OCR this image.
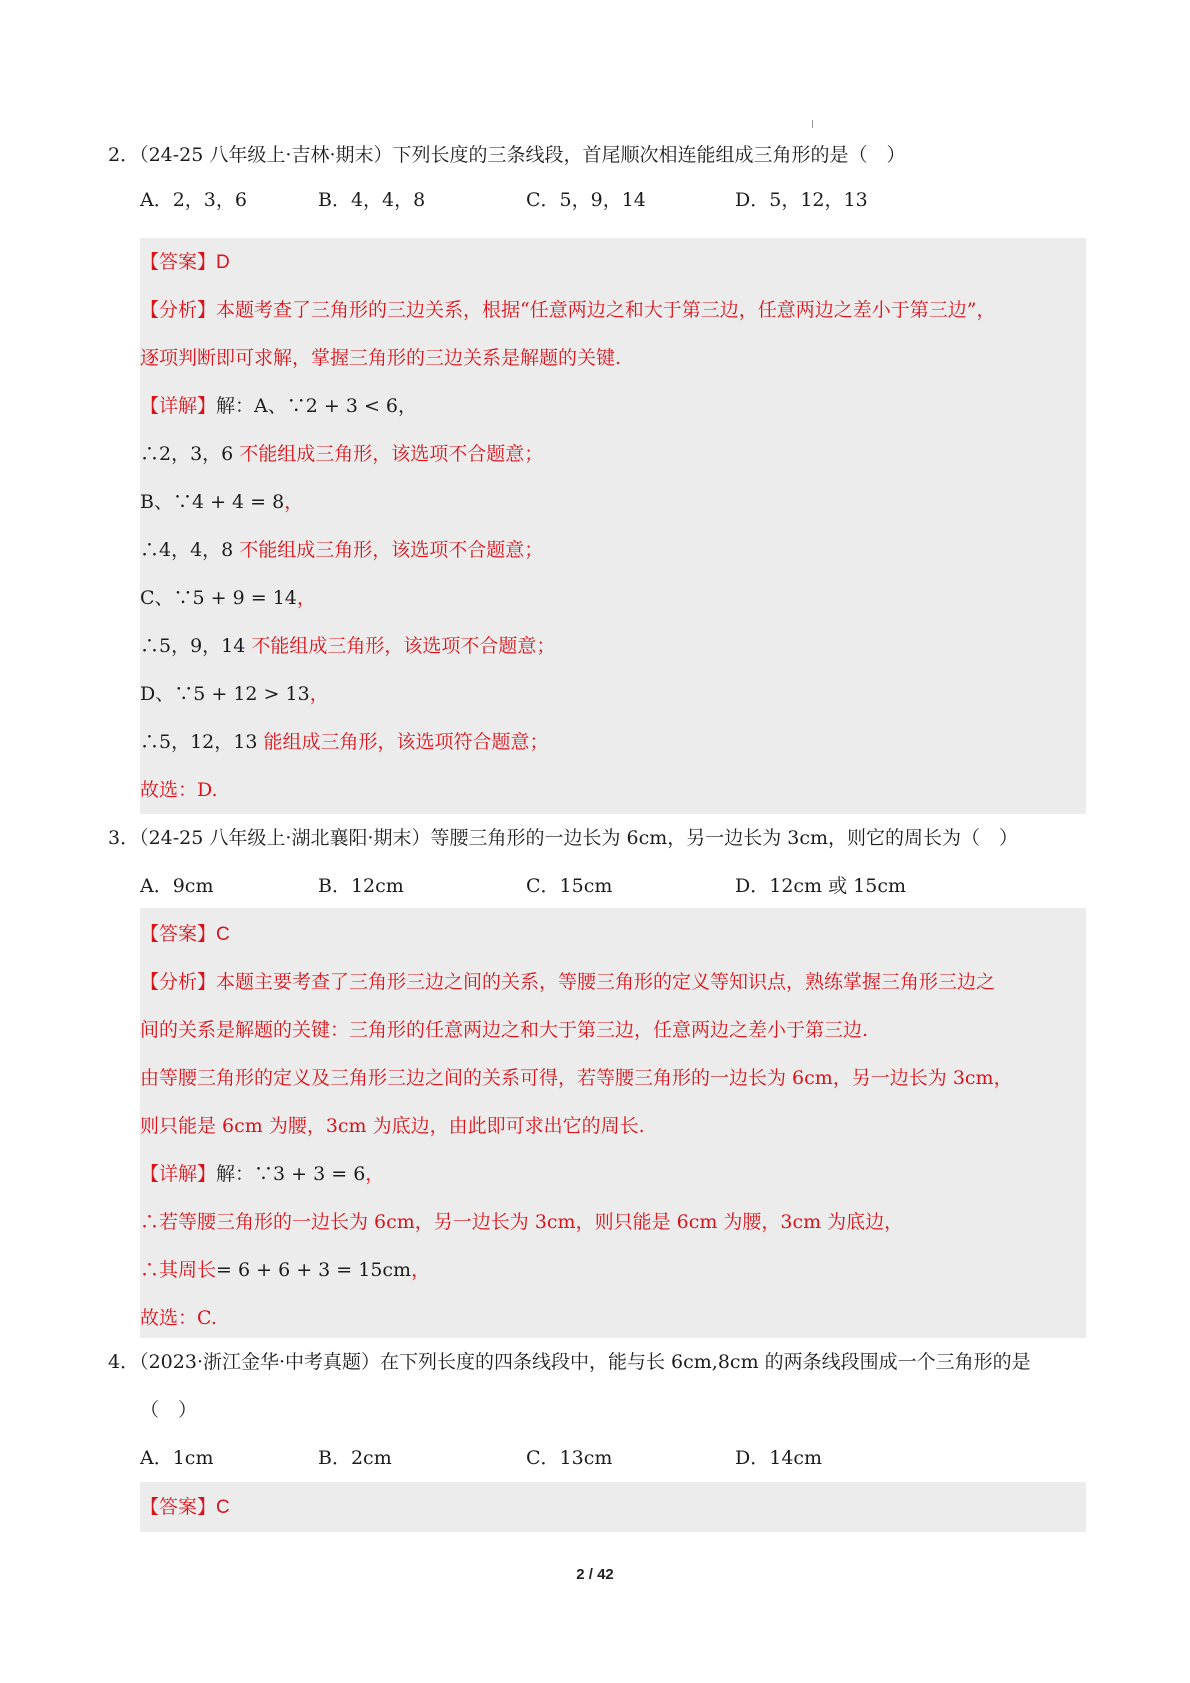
2．（24-25 八年级上·吉林·期末）下列长度的三条线段，首尾顺次相连能组成三角形的是（　）
A．2，3，6	B．4，4，8	C．5，9，14	D．5，12，13
【答案】D
【分析】本题考查了三角形的三边关系，根据“任意两边之和大于第三边，任意两边之差小于第三边”，
逐项判断即可求解，掌握三角形的三边关系是解题的关键.
【详解】解：A、∵2 + 3 < 6，
∴2，3，6 不能组成三角形，该选项不合题意；
B、∵4 + 4 = 8，
∴4，4，8 不能组成三角形，该选项不合题意；
C、∵5 + 9 = 14，
∴5，9，14 不能组成三角形，该选项不合题意；
D、∵5 + 12 > 13，
∴5，12，13 能组成三角形，该选项符合题意；
故选：D.
3．（24-25 八年级上·湖北襄阳·期末）等腰三角形的一边长为 6cm，另一边长为 3cm，则它的周长为（　）
A．9cm	B．12cm	C．15cm	D．12cm 或 15cm
【答案】C
【分析】本题主要考查了三角形三边之间的关系，等腰三角形的定义等知识点，熟练掌握三角形三边之
间的关系是解题的关键：三角形的任意两边之和大于第三边，任意两边之差小于第三边.
由等腰三角形的定义及三角形三边之间的关系可得，若等腰三角形的一边长为 6cm，另一边长为 3cm，
则只能是 6cm 为腰，3cm 为底边，由此即可求出它的周长.
【详解】解：∵3 + 3 = 6，
∴若等腰三角形的一边长为 6cm，另一边长为 3cm，则只能是 6cm 为腰，3cm 为底边，
∴其周长= 6 + 6 + 3 = 15cm，
故选：C.
4．（2023·浙江金华·中考真题）在下列长度的四条线段中，能与长 6cm,8cm 的两条线段围成一个三角形的是
（　）
A．1cm	B．2cm	C．13cm	D．14cm
【答案】C
2 / 42
